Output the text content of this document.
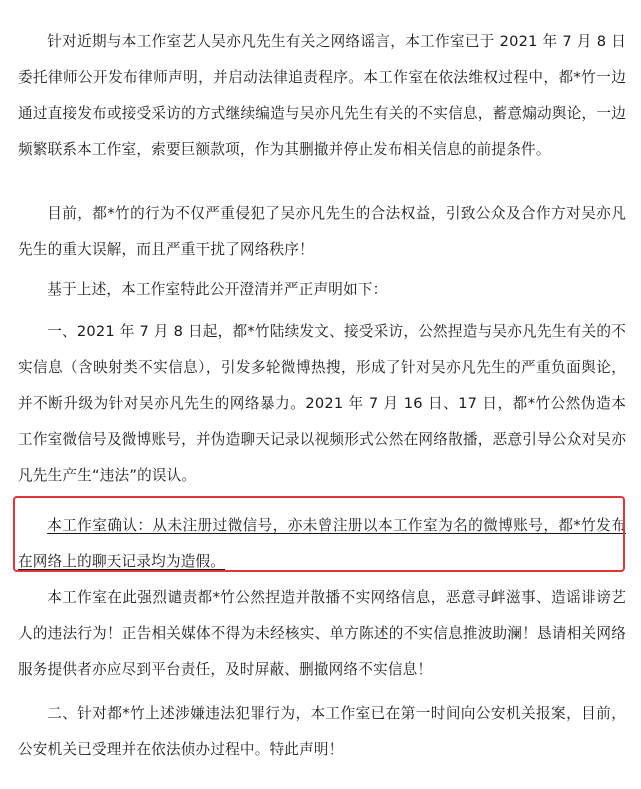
针对近期与本工作室艺人吴亦凡先生有关之网络谣言，本工作室已于 2021 年 7 月 8 日委托律师公开发布律师声明，并启动法律追责程序。本工作室在依法维权过程中，都*竹一边通过直接发布或接受采访的方式继续编造与吴亦凡先生有关的不实信息，蓄意煽动舆论，一边频繁联系本工作室，索要巨额款项，作为其删撤并停止发布相关信息的前提条件。

目前，都*竹的行为不仅严重侵犯了吴亦凡先生的合法权益，引致公众及合作方对吴亦凡先生的重大误解，而且严重干扰了网络秩序！

基于上述，本工作室特此公开澄清并严正声明如下：

一、2021 年 7 月 8 日起，都*竹陆续发文、接受采访，公然捏造与吴亦凡先生有关的不实信息（含映射类不实信息），引发多轮微博热搜，形成了针对吴亦凡先生的严重负面舆论，并不断升级为针对吴亦凡先生的网络暴力。2021 年 7 月 16 日、17 日，都*竹公然伪造本工作室微信号及微博账号，并伪造聊天记录以视频形式公然在网络散播，恶意引导公众对吴亦凡先生产生“违法”的误认。

本工作室确认：从未注册过微信号，亦未曾注册以本工作室为名的微博账号，都*竹发布在网络上的聊天记录均为造假。

本工作室在此强烈谴责都*竹公然捏造并散播不实网络信息，恶意寻衅滋事、造谣诽谤艺人的违法行为！正告相关媒体不得为未经核实、单方陈述的不实信息推波助澜！恳请相关网络服务提供者亦应尽到平台责任，及时屏蔽、删撤网络不实信息！

二、针对都*竹上述涉嫌违法犯罪行为，本工作室已在第一时间向公安机关报案，目前，公安机关已受理并在依法侦办过程中。特此声明！
